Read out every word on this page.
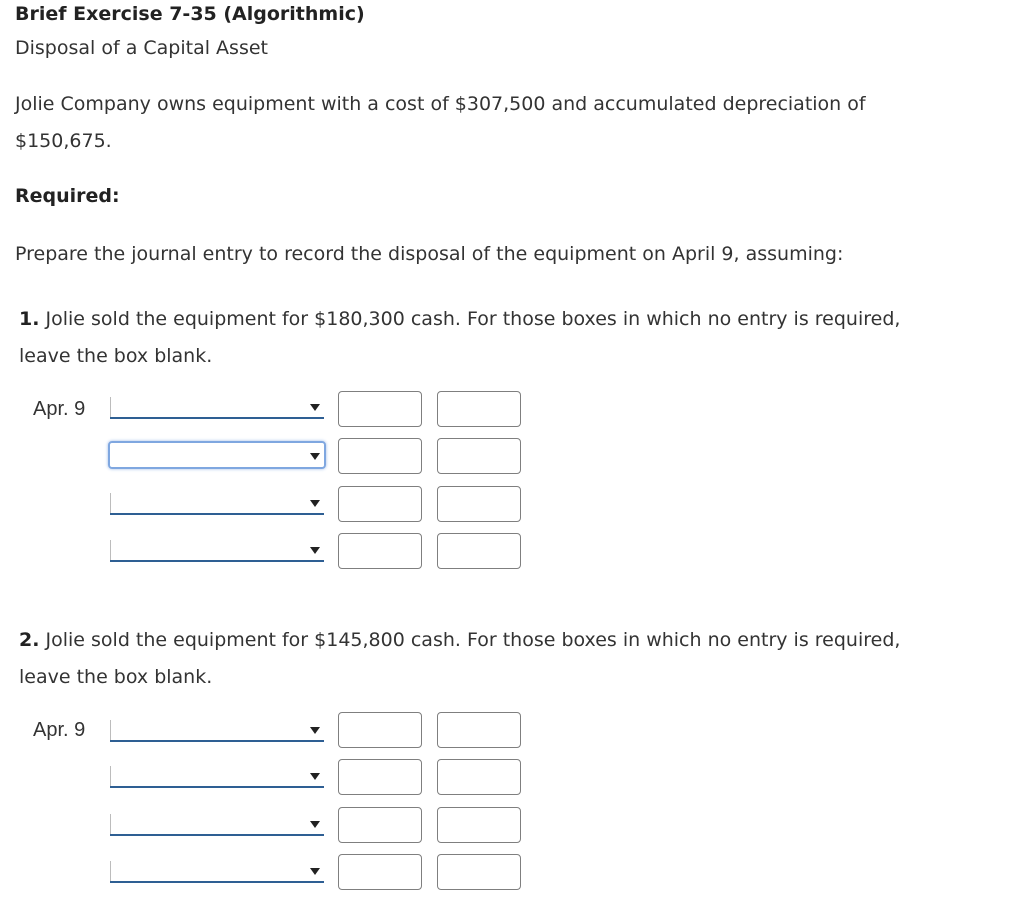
Brief Exercise 7-35 (Algorithmic)
Disposal of a Capital Asset
Jolie Company owns equipment with a cost of $307,500 and accumulated depreciation of
$150,675.
Required:
Prepare the journal entry to record the disposal of the equipment on April 9, assuming:
1. Jolie sold the equipment for $180,300 cash. For those boxes in which no entry is required,
leave the box blank.
Apr. 9
2. Jolie sold the equipment for $145,800 cash. For those boxes in which no entry is required,
leave the box blank.
Apr. 9
